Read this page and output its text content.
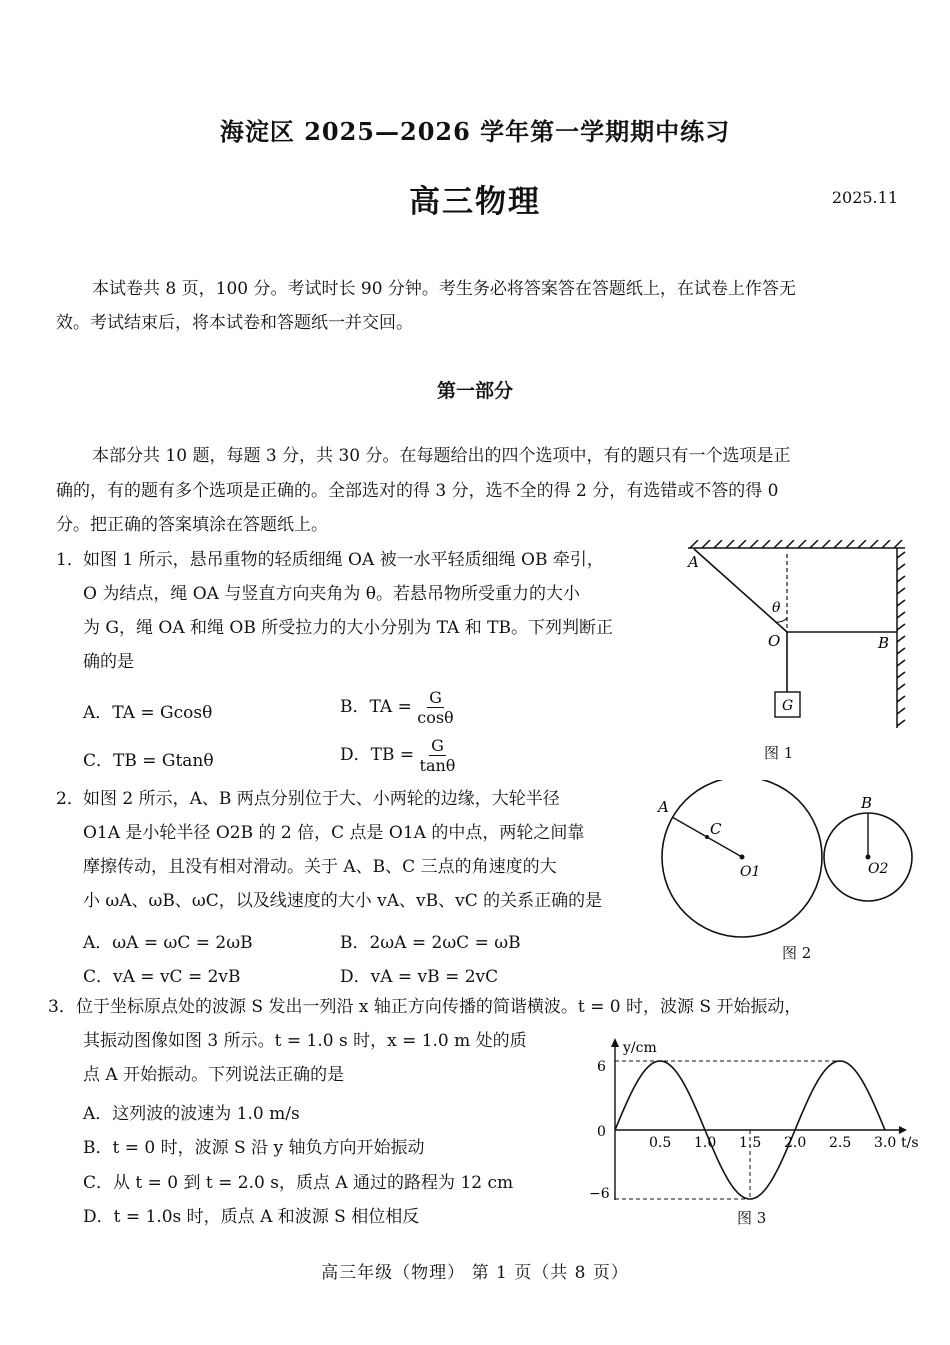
海淀区 2025—2026 学年第一学期期中练习
高三物理	2025.11
本试卷共 8 页，100 分。考试时长 90 分钟。考生务必将答案答在答题纸上，在试卷上作答无
效。考试结束后，将本试卷和答题纸一并交回。
第一部分
本部分共 10 题，每题 3 分，共 30 分。在每题给出的四个选项中，有的题只有一个选项是正
确的，有的题有多个选项是正确的。全部选对的得 3 分，选不全的得 2 分，有选错或不答的得 0
分。把正确的答案填涂在答题纸上。
1． 如图 1 所示，悬吊重物的轻质细绳 OA 被一水平轻质细绳 OB 牵引，
O 为结点，绳 OA 与竖直方向夹角为 θ。若悬吊物所受重力的大小
为 G，绳 OA 和绳 OB 所受拉力的大小分别为 TA 和 TB。下列判断正
确的是
A．TA = Gcosθ	B．TA = $\frac{G}{\cos\theta}$
C．TB = Gtanθ	D．TB = $\frac{G}{\tan\theta}$
A
O
θ
B
G
图 1
2． 如图 2 所示，A、B 两点分别位于大、小两轮的边缘，大轮半径
O1A 是小轮半径 O2B 的 2 倍，C 点是 O1A 的中点，两轮之间靠
摩擦传动，且没有相对滑动。关于 A、B、C 三点的角速度的大
小 ωA、ωB、ωC，以及线速度的大小 vA、vB、vC 的关系正确的是
A．ωA = ωC = 2ωB	B．2ωA = 2ωC = ωB
C．vA = vC = 2vB	D．vA = vB = 2vC
A
C
O1
B
O2
图 2
3． 位于坐标原点处的波源 S 发出一列沿 x 轴正方向传播的简谐横波。t = 0 时，波源 S 开始振动，
其振动图像如图 3 所示。t = 1.0 s 时，x = 1.0 m 处的质
点 A 开始振动。下列说法正确的是
A．这列波的波速为 1.0 m/s
B．t = 0 时，波源 S 沿 y 轴负方向开始振动
C．从 t = 0 到 t = 2.0 s，质点 A 通过的路程为 12 cm
D．t = 1.0s 时，质点 A 和波源 S 相位相反
y/cm
t/s
6
0
−6
0.5 1.0 1.5 2.0 2.5 3.0
图 3
高三年级（物理） 第 1 页（共 8 页）
